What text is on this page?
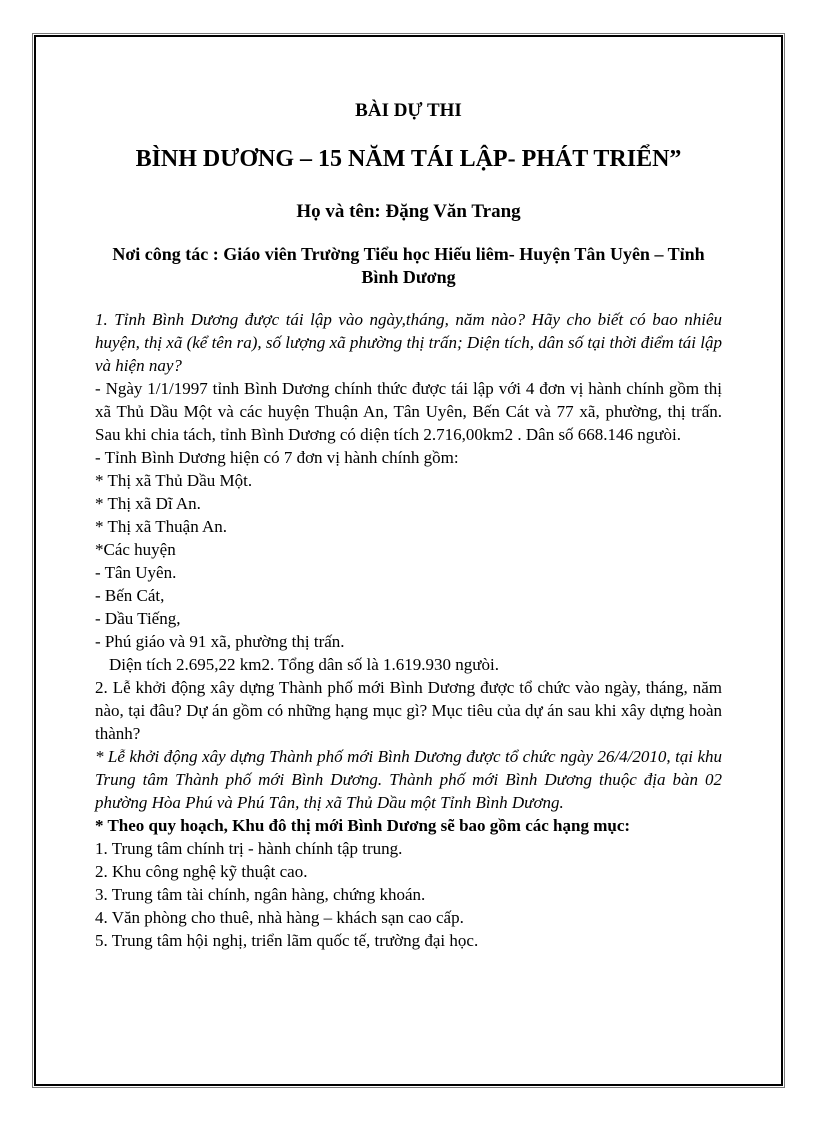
BÀI DỰ THI
BÌNH DƯƠNG – 15 NĂM TÁI LẬP- PHÁT TRIỂN”
Họ và tên: Đặng Văn Trang
Nơi công tác : Giáo viên Trường Tiểu học Hiếu liêm- Huyện Tân Uyên – Tỉnh Bình Dương

1. Tỉnh Bình Dương được tái lập vào ngày,tháng, năm nào? Hãy cho biết có bao nhiêu huyện, thị xã (kể tên ra), số lượng xã phường thị trấn; Diện tích, dân số tại thời điểm tái lập và hiện nay?

- Ngày 1/1/1997 tỉnh Bình Dương chính thức được tái lập với 4 đơn vị hành chính gồm thị xã Thủ Dầu Một và các huyện Thuận An, Tân Uyên, Bến Cát và 77 xã, phường, thị trấn. Sau khi chia tách, tỉnh Bình Dương có diện tích 2.716,00km2 . Dân số 668.146 ngưòi.

- Tỉnh Bình Dương hiện có 7 đơn vị hành chính gồm:

* Thị xã Thủ Dầu Một.

* Thị xã Dĩ An.

* Thị xã Thuận An.

*Các huyện

- Tân Uyên.

- Bến Cát,

- Dầu Tiếng,

- Phú giáo và 91 xã, phường thị trấn.

Diện tích 2.695,22 km2. Tổng dân số là 1.619.930 ngưòi.

2. Lễ khởi động xây dựng Thành phố mới Bình Dương được tổ chức vào ngày, tháng, năm nào, tại đâu? Dự án gồm có những hạng mục gì? Mục tiêu của dự án sau khi xây dựng hoàn thành?

* Lễ khởi động xây dựng Thành phố mới Bình Dương được tổ chức ngày 26/4/2010, tại khu Trung tâm Thành phố mới Bình Dương. Thành phố mới Bình Dương thuộc địa bàn 02 phường Hòa Phú và Phú Tân, thị xã Thủ Dầu một Tỉnh Bình Dương.

* Theo quy hoạch, Khu đô thị mới Bình Dương sẽ bao gồm các hạng mục:

1. Trung tâm chính trị - hành chính tập trung.

2. Khu công nghệ kỹ thuật cao.

3. Trung tâm tài chính, ngân hàng, chứng khoán.

4. Văn phòng cho thuê, nhà hàng – khách sạn cao cấp.

5. Trung tâm hội nghị, triển lãm quốc tế, trường đại học.
